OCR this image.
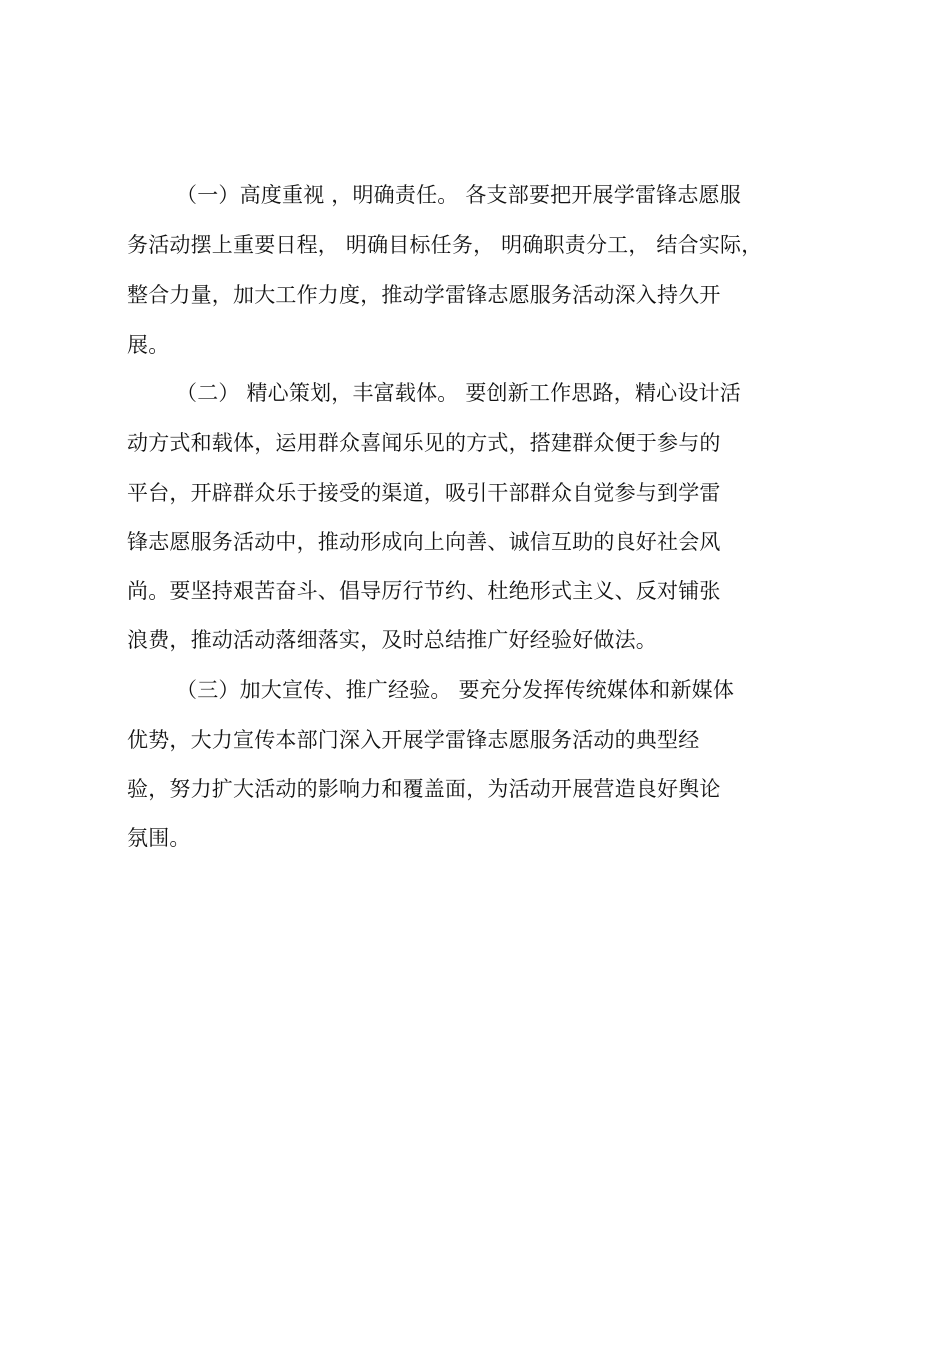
（一）高度重视 ，明确责任。 各支部要把开展学雷锋志愿服
务活动摆上重要日程， 明确目标任务， 明确职责分工， 结合实际，
整合力量，加大工作力度，推动学雷锋志愿服务活动深入持久开
展。
（二） 精心策划，丰富载体。 要创新工作思路，精心设计活
动方式和载体，运用群众喜闻乐见的方式，搭建群众便于参与的
平台，开辟群众乐于接受的渠道，吸引干部群众自觉参与到学雷
锋志愿服务活动中，推动形成向上向善、诚信互助的良好社会风
尚。要坚持艰苦奋斗、倡导厉行节约、杜绝形式主义、反对铺张
浪费，推动活动落细落实，及时总结推广好经验好做法。
（三）加大宣传、推广经验。 要充分发挥传统媒体和新媒体
优势，大力宣传本部门深入开展学雷锋志愿服务活动的典型经
验，努力扩大活动的影响力和覆盖面，为活动开展营造良好舆论
氛围。
